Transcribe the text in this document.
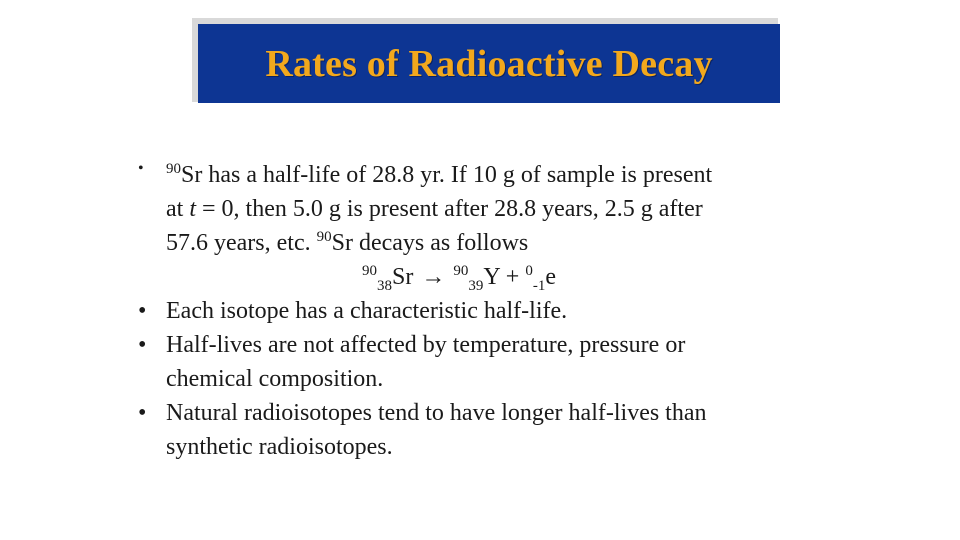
Rates of Radioactive Decay
• $^{90}$Sr has a half-life of 28.8 yr. If 10 g of sample is present
at t = 0, then 5.0 g is present after 28.8 years, 2.5 g after
57.6 years, etc. $^{90}$Sr decays as follows
$^{90}_{38}$Sr → $^{90}_{39}$Y + $^0_{-1}$e
• Each isotope has a characteristic half-life.
• Half-lives are not affected by temperature, pressure or
chemical composition.
• Natural radioisotopes tend to have longer half-lives than
synthetic radioisotopes.
